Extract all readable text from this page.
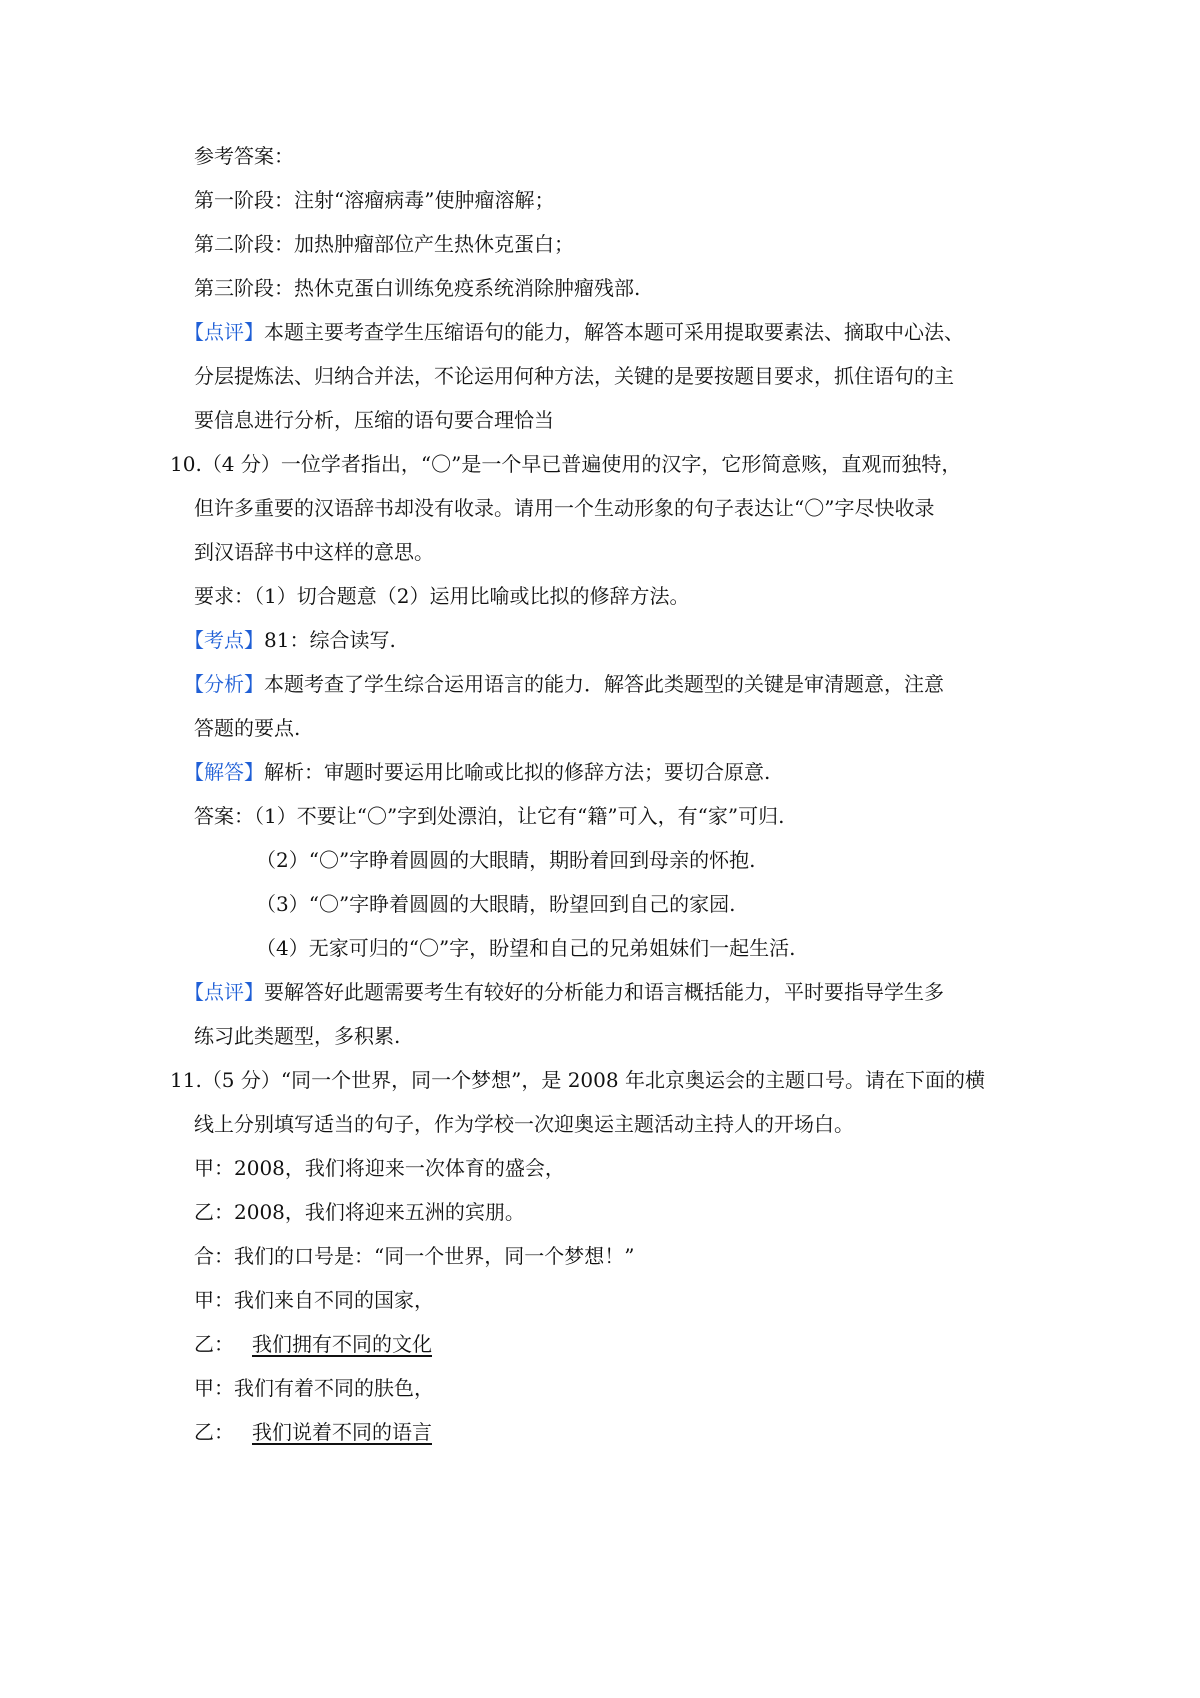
参考答案：
第一阶段：注射“溶瘤病毒”使肿瘤溶解；
第二阶段：加热肿瘤部位产生热休克蛋白；
第三阶段：热休克蛋白训练免疫系统消除肿瘤残部.
【点评】本题主要考查学生压缩语句的能力，解答本题可采用提取要素法、摘取中心法、
分层提炼法、归纳合并法，不论运用何种方法，关键的是要按题目要求，抓住语句的主
要信息进行分析，压缩的语句要合理恰当
10.（4 分）一位学者指出，“〇”是一个早已普遍使用的汉字，它形简意赅，直观而独特，
但许多重要的汉语辞书却没有收录。请用一个生动形象的句子表达让“〇”字尽快收录
到汉语辞书中这样的意思。
要求：（1）切合题意（2）运用比喻或比拟的修辞方法。
【考点】81：综合读写.
【分析】本题考查了学生综合运用语言的能力．解答此类题型的关键是审清题意，注意
答题的要点.
【解答】解析：审题时要运用比喻或比拟的修辞方法；要切合原意.
答案：（1）不要让“〇”字到处漂泊，让它有“籍”可入，有“家”可归.
（2）“〇”字睁着圆圆的大眼睛，期盼着回到母亲的怀抱.
（3）“〇”字睁着圆圆的大眼睛，盼望回到自己的家园.
（4）无家可归的“〇”字，盼望和自己的兄弟姐妹们一起生活.
【点评】要解答好此题需要考生有较好的分析能力和语言概括能力，平时要指导学生多
练习此类题型，多积累.
11.（5 分）“同一个世界，同一个梦想”，是 2008 年北京奥运会的主题口号。请在下面的横
线上分别填写适当的句子，作为学校一次迎奥运主题活动主持人的开场白。
甲：2008，我们将迎来一次体育的盛会，
乙：2008，我们将迎来五洲的宾朋。
合：我们的口号是：“同一个世界，同一个梦想！”
甲：我们来自不同的国家，
乙： 我们拥有不同的文化
甲：我们有着不同的肤色，
乙： 我们说着不同的语言
